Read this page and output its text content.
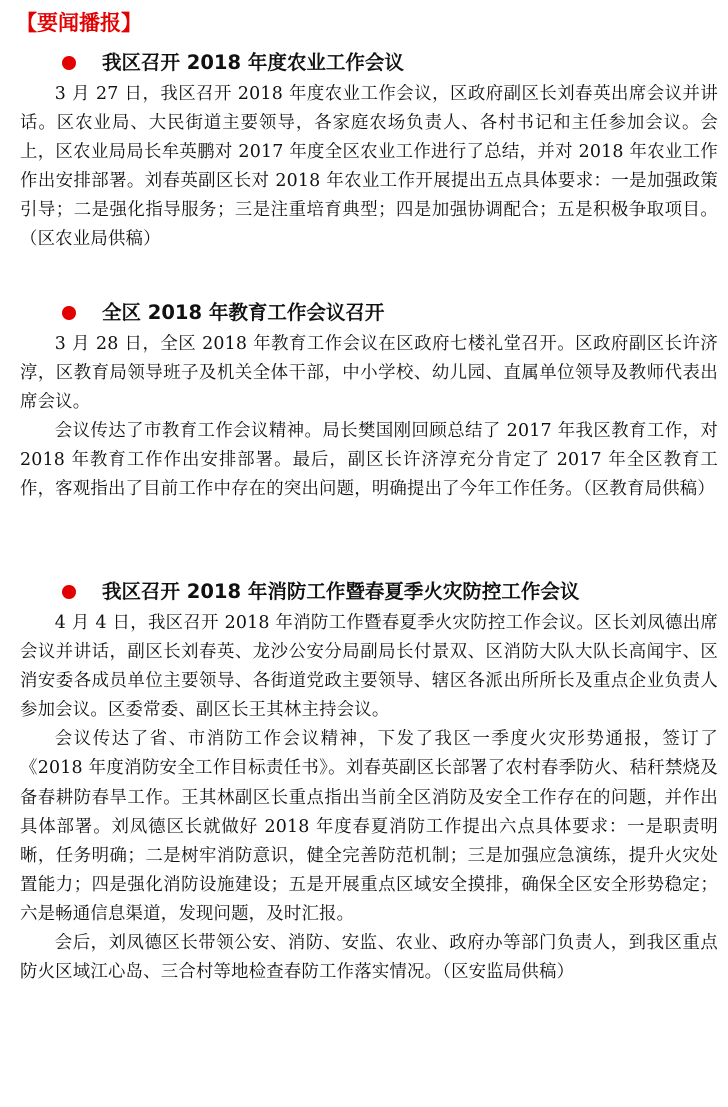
【要闻播报】
我区召开 2018 年度农业工作会议

3 月 27 日，我区召开 2018 年度农业工作会议，区政府副区长刘春英出席会议并讲话。区农业局、大民街道主要领导，各家庭农场负责人、各村书记和主任参加会议。会上，区农业局局长牟英鹏对 2017 年度全区农业工作进行了总结，并对 2018 年农业工作作出安排部署。刘春英副区长对 2018 年农业工作开展提出五点具体要求：一是加强政策引导；二是强化指导服务；三是注重培育典型；四是加强协调配合；五是积极争取项目。（区农业局供稿）

全区 2018 年教育工作会议召开

3 月 28 日，全区 2018 年教育工作会议在区政府七楼礼堂召开。区政府副区长许济淳，区教育局领导班子及机关全体干部，中小学校、幼儿园、直属单位领导及教师代表出席会议。

会议传达了市教育工作会议精神。局长樊国刚回顾总结了 2017 年我区教育工作，对 2018 年教育工作作出安排部署。最后，副区长许济淳充分肯定了 2017 年全区教育工作，客观指出了目前工作中存在的突出问题，明确提出了今年工作任务。（区教育局供稿）

我区召开 2018 年消防工作暨春夏季火灾防控工作会议

4 月 4 日，我区召开 2018 年消防工作暨春夏季火灾防控工作会议。区长刘凤德出席会议并讲话，副区长刘春英、龙沙公安分局副局长付景双、区消防大队大队长高闻宇、区消安委各成员单位主要领导、各街道党政主要领导、辖区各派出所所长及重点企业负责人参加会议。区委常委、副区长王其林主持会议。

会议传达了省、市消防工作会议精神，下发了我区一季度火灾形势通报，签订了《2018 年度消防安全工作目标责任书》。刘春英副区长部署了农村春季防火、秸秆禁烧及备春耕防春旱工作。王其林副区长重点指出当前全区消防及安全工作存在的问题，并作出具体部署。刘凤德区长就做好 2018 年度春夏消防工作提出六点具体要求：一是职责明晰，任务明确；二是树牢消防意识，健全完善防范机制；三是加强应急演练，提升火灾处置能力；四是强化消防设施建设；五是开展重点区域安全摸排，确保全区安全形势稳定；六是畅通信息渠道，发现问题，及时汇报。

会后，刘凤德区长带领公安、消防、安监、农业、政府办等部门负责人，到我区重点防火区域江心岛、三合村等地检查春防工作落实情况。（区安监局供稿）
